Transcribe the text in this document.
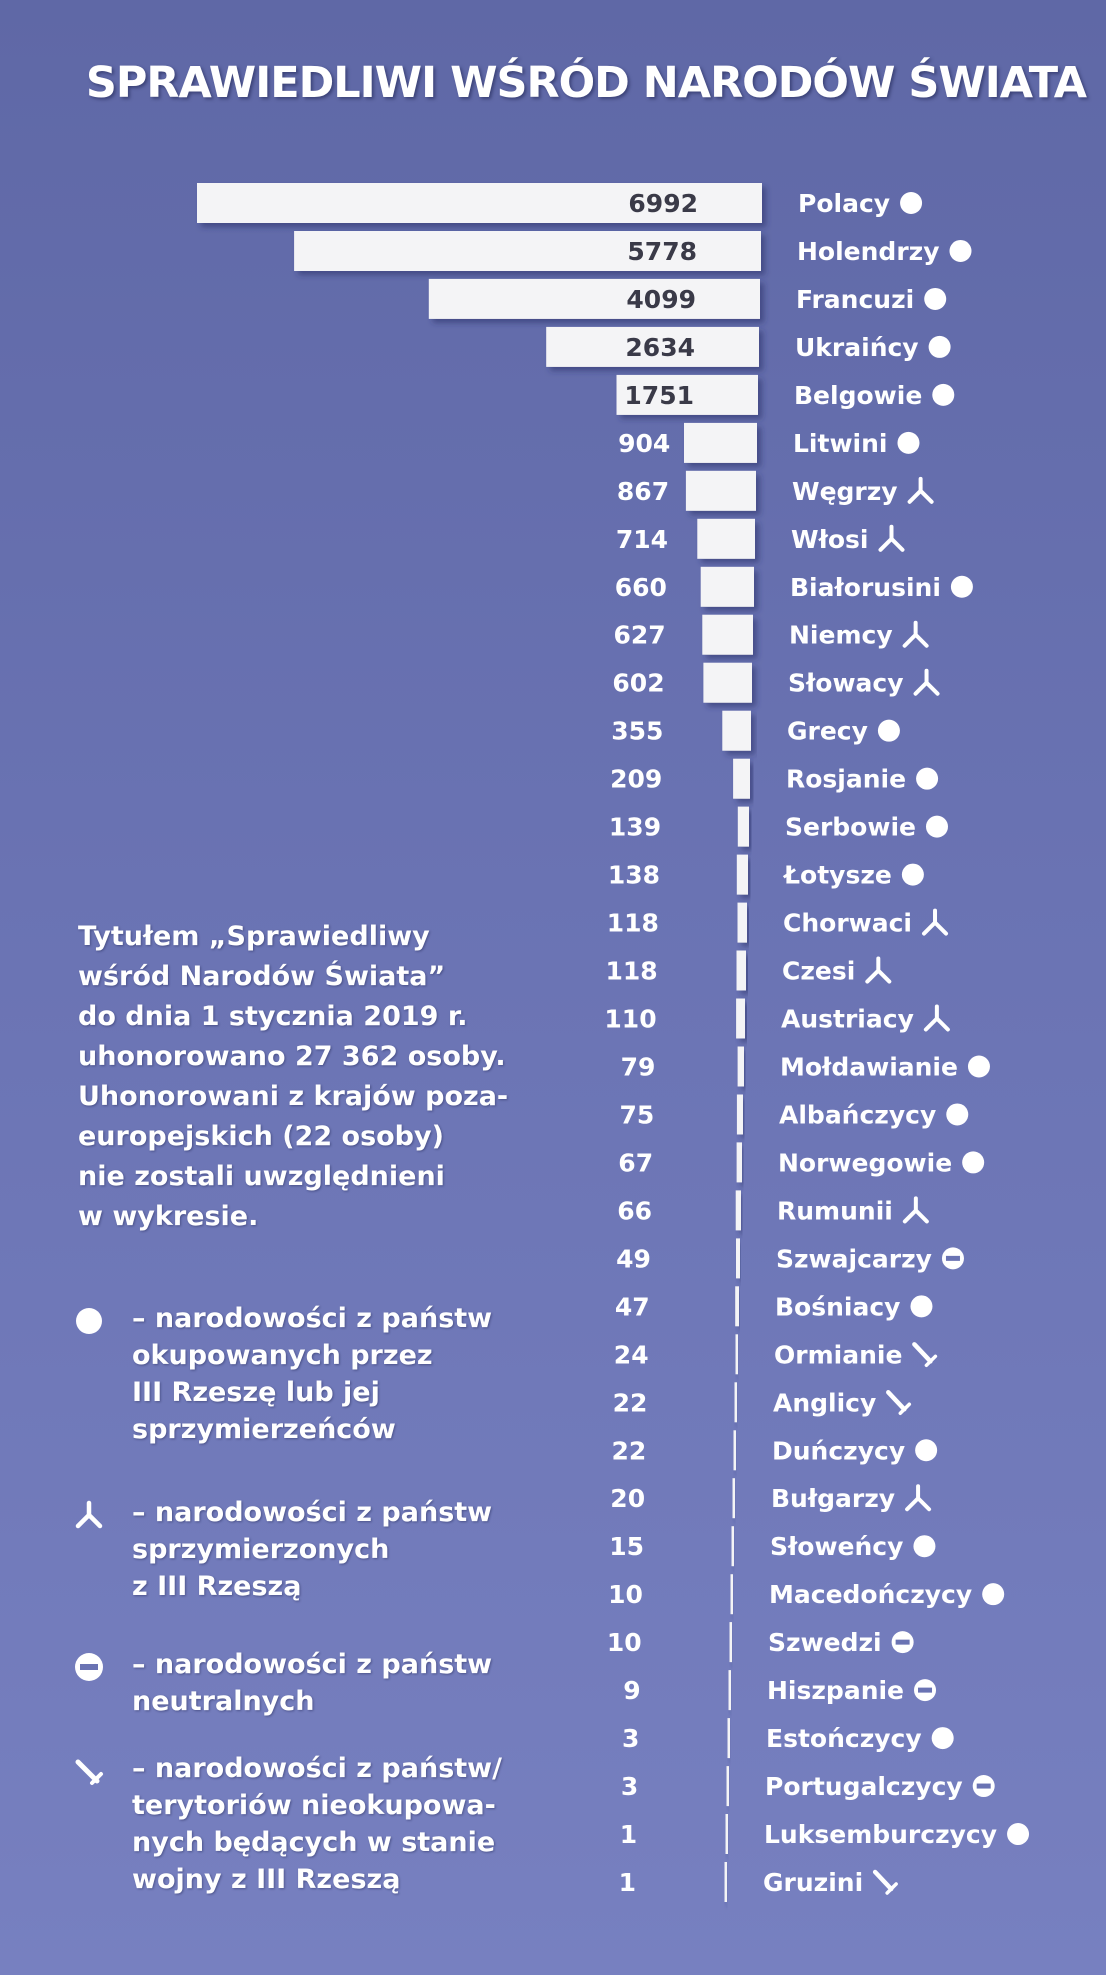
SPRAWIEDLIWI WŚRÓD NARODÓW ŚWIATA
6992
5778
4099
2634
1751
904
867
714
660
627
602
355
209
139
138
118
118
110
79
75
67
66
49
47
24
22
22
20
15
10
10
9
3
3
1
1
Polacy
Holendrzy
Francuzi
Ukraińcy
Belgowie
Litwini
Węgrzy
Włosi
Białorusini
Niemcy
Słowacy
Grecy
Rosjanie
Serbowie
Łotysze
Chorwaci
Czesi
Austriacy
Mołdawianie
Albańczycy
Norwegowie
Rumunii
Szwajcarzy
Bośniacy
Ormianie
Anglicy
Duńczycy
Bułgarzy
Słoweńcy
Macedończycy
Szwedzi
Hiszpanie
Estończycy
Portugalczycy
Luksemburczycy
Gruzini
Tytułem „Sprawiedliwy
wśród Narodów Świata”
do dnia 1 stycznia 2019 r.
uhonorowano 27 362 osoby.
Uhonorowani z krajów poza-
europejskich (22 osoby)
nie zostali uwzględnieni
w wykresie.
– narodowości z państw
okupowanych przez
III Rzeszę lub jej
sprzymierzeńców
– narodowości z państw
sprzymierzonych
z III Rzeszą
– narodowości z państw
neutralnych
– narodowości z państw/
terytoriów nieokupowa-
nych będących w stanie
wojny z III Rzeszą
